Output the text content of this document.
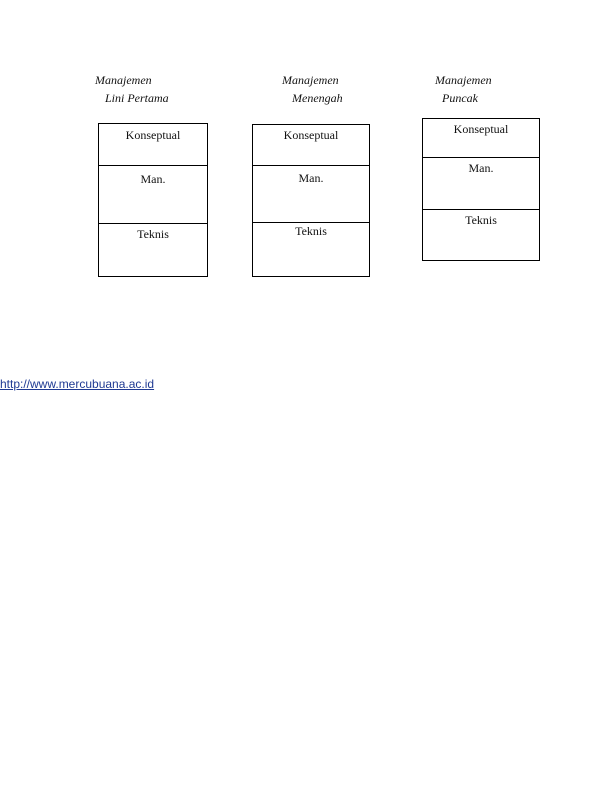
Manajemen
Lini Pertama
Konseptual
Man.
Teknis
Manajemen
Menengah
Konseptual
Man.
Teknis
Manajemen
Puncak
Konseptual
Man.
Teknis
http://www.mercubuana.ac.id
